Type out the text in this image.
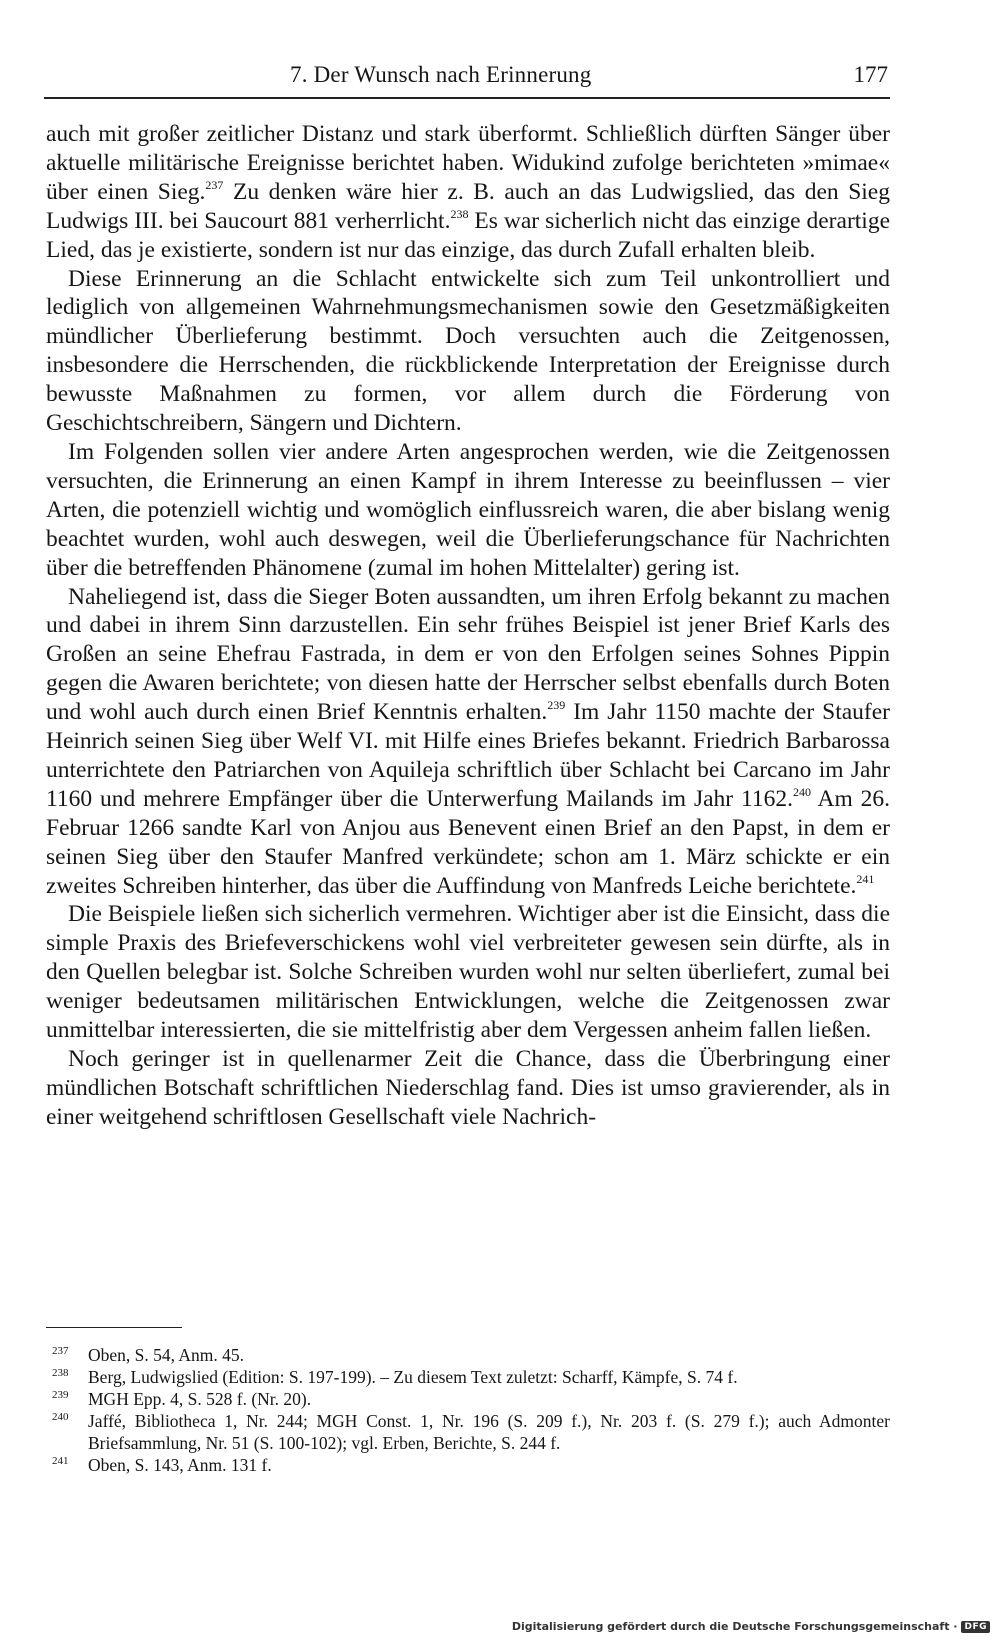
7. Der Wunsch nach Erinnerung	177

auch mit großer zeitlicher Distanz und stark überformt. Schließlich dürften Sänger über aktuelle militärische Ereignisse berichtet haben. Widukind zufolge berichteten »mimae« über einen Sieg.$^{237}$ Zu denken wäre hier z. B. auch an das Ludwigslied, das den Sieg Ludwigs III. bei Saucourt 881 verherrlicht.$^{238}$ Es war sicherlich nicht das einzige derartige Lied, das je existierte, sondern ist nur das einzige, das durch Zufall erhalten bleib.

Diese Erinnerung an die Schlacht entwickelte sich zum Teil unkontrolliert und lediglich von allgemeinen Wahrnehmungsmechanismen sowie den Gesetzmäßigkeiten mündlicher Überlieferung bestimmt. Doch versuchten auch die Zeitgenossen, insbesondere die Herrschenden, die rückblickende Interpretation der Ereignisse durch bewusste Maßnahmen zu formen, vor allem durch die Förderung von Geschichtschreibern, Sängern und Dichtern.

Im Folgenden sollen vier andere Arten angesprochen werden, wie die Zeitgenossen versuchten, die Erinnerung an einen Kampf in ihrem Interesse zu beeinflussen – vier Arten, die potenziell wichtig und womöglich einflussreich waren, die aber bislang wenig beachtet wurden, wohl auch deswegen, weil die Überlieferungschance für Nachrichten über die betreffenden Phänomene (zumal im hohen Mittelalter) gering ist.

Naheliegend ist, dass die Sieger Boten aussandten, um ihren Erfolg bekannt zu machen und dabei in ihrem Sinn darzustellen. Ein sehr frühes Beispiel ist jener Brief Karls des Großen an seine Ehefrau Fastrada, in dem er von den Erfolgen seines Sohnes Pippin gegen die Awaren berichtete; von diesen hatte der Herrscher selbst ebenfalls durch Boten und wohl auch durch einen Brief Kenntnis erhalten.$^{239}$ Im Jahr 1150 machte der Staufer Heinrich seinen Sieg über Welf VI. mit Hilfe eines Briefes bekannt. Friedrich Barbarossa unterrichtete den Patriarchen von Aquileja schriftlich über Schlacht bei Carcano im Jahr 1160 und mehrere Empfänger über die Unterwerfung Mailands im Jahr 1162.$^{240}$ Am 26. Februar 1266 sandte Karl von Anjou aus Benevent einen Brief an den Papst, in dem er seinen Sieg über den Staufer Manfred verkündete; schon am 1. März schickte er ein zweites Schreiben hinterher, das über die Auffindung von Manfreds Leiche berichtete.$^{241}$

Die Beispiele ließen sich sicherlich vermehren. Wichtiger aber ist die Einsicht, dass die simple Praxis des Briefeverschickens wohl viel verbreiteter gewesen sein dürfte, als in den Quellen belegbar ist. Solche Schreiben wurden wohl nur selten überliefert, zumal bei weniger bedeutsamen militärischen Entwicklungen, welche die Zeitgenossen zwar unmittelbar interessierten, die sie mittelfristig aber dem Vergessen anheim fallen ließen.

Noch geringer ist in quellenarmer Zeit die Chance, dass die Überbringung einer mündlichen Botschaft schriftlichen Niederschlag fand. Dies ist umso gravierender, als in einer weitgehend schriftlosen Gesellschaft viele Nachrich-

237 Oben, S. 54, Anm. 45.
238 Berg, Ludwigslied (Edition: S. 197-199). – Zu diesem Text zuletzt: Scharff, Kämpfe, S. 74 f.
239 MGH Epp. 4, S. 528 f. (Nr. 20).
240 Jaffé, Bibliotheca 1, Nr. 244; MGH Const. 1, Nr. 196 (S. 209 f.), Nr. 203 f. (S. 279 f.); auch Admonter Briefsammlung, Nr. 51 (S. 100-102); vgl. Erben, Berichte, S. 244 f.
241 Oben, S. 143, Anm. 131 f.
Digitalisierung gefördert durch die Deutsche Forschungsgemeinschaft · DFG
